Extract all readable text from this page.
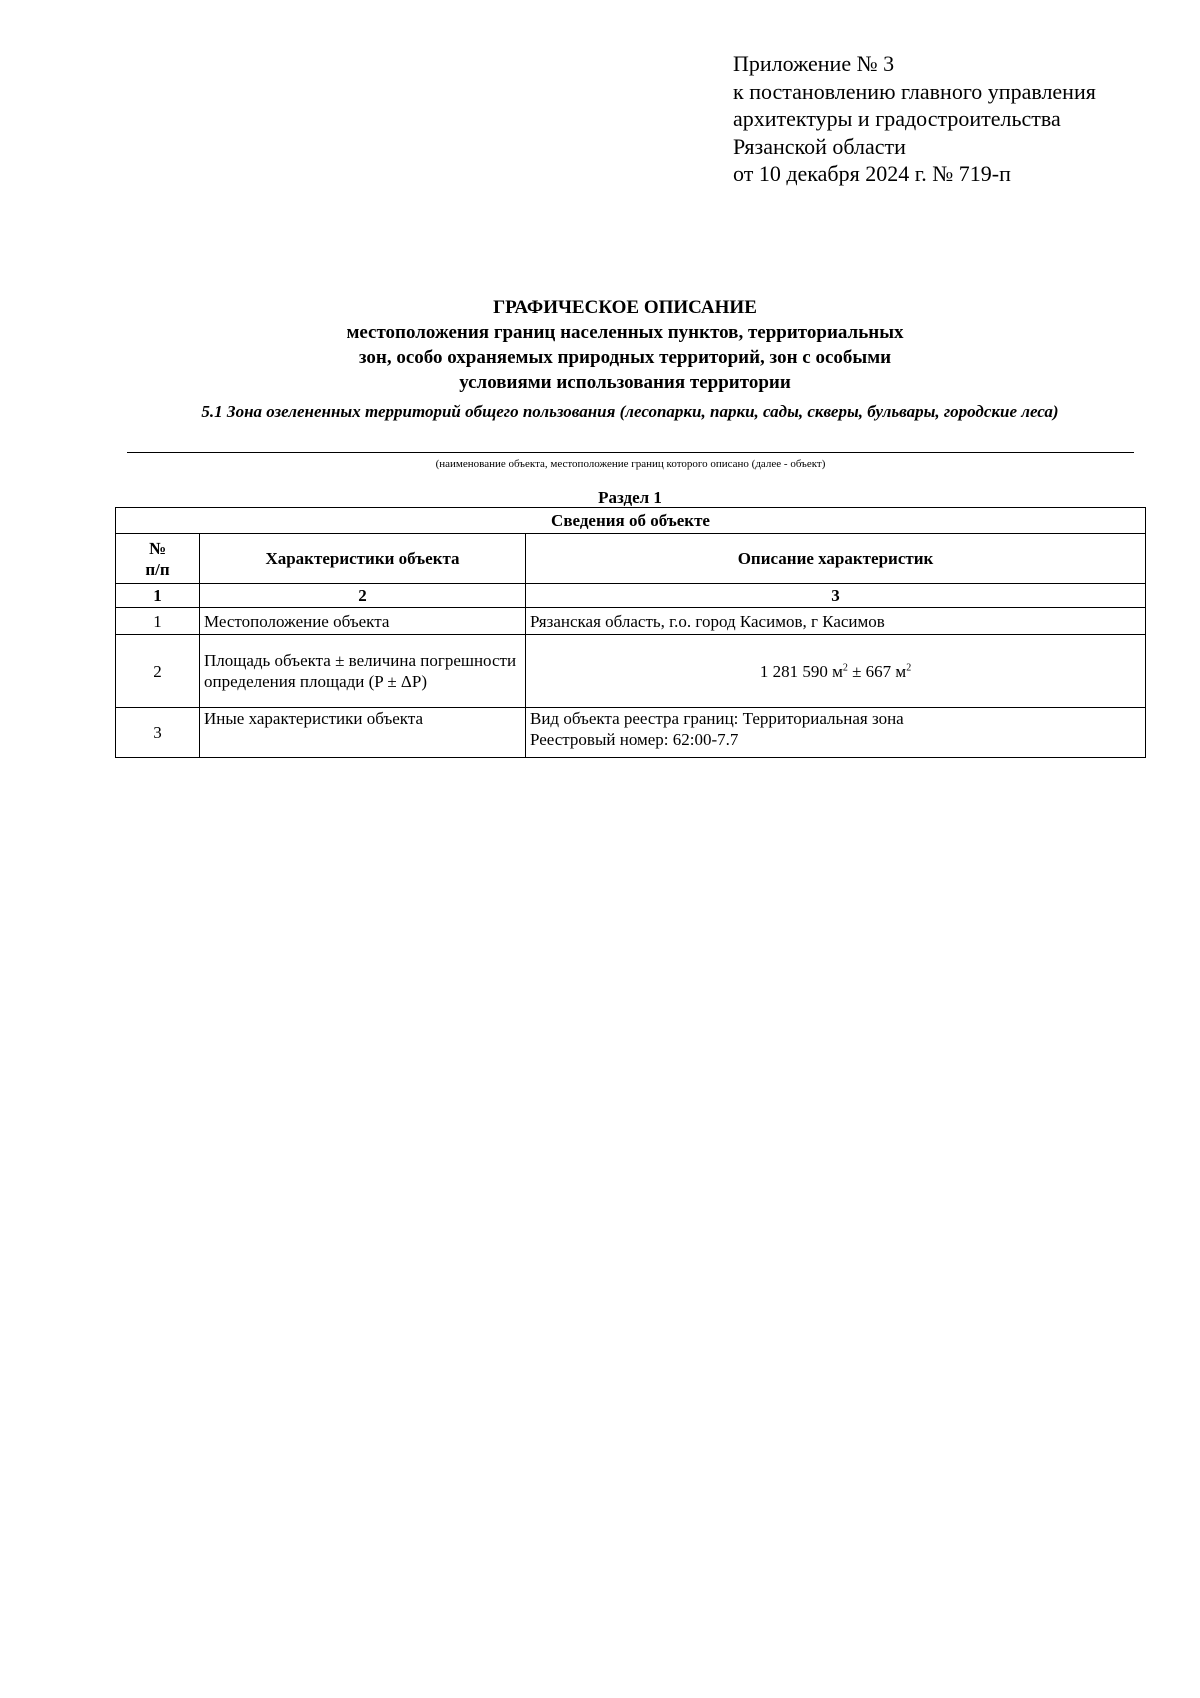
Приложение № 3
к постановлению главного управления
архитектуры и градостроительства
Рязанской области
от 10 декабря 2024 г. № 719-п
ГРАФИЧЕСКОЕ ОПИСАНИЕ
местоположения границ населенных пунктов, территориальных
зон, особо охраняемых природных территорий, зон с особыми
условиями использования территории
5.1 Зона озелененных территорий общего пользования (лесопарки, парки, сады, скверы, бульвары, городские леса)
(наименование объекта, местоположение границ которого описано (далее - объект)
Раздел 1
Сведения об объекте		

№
п/п	Характеристики объекта	Описание характеристик
1	2	3
1	Местоположение объекта	Рязанская область, г.о. город Касимов, г Касимов
2	Площадь объекта ± величина погрешности определения площади (P ± ΔP)	1 281 590 $м^2 \pm 667$ $м^2$
3	Иные характеристики объекта	Вид объекта реестра границ: Территориальная зона
Реестровый номер: 62:00-7.7
